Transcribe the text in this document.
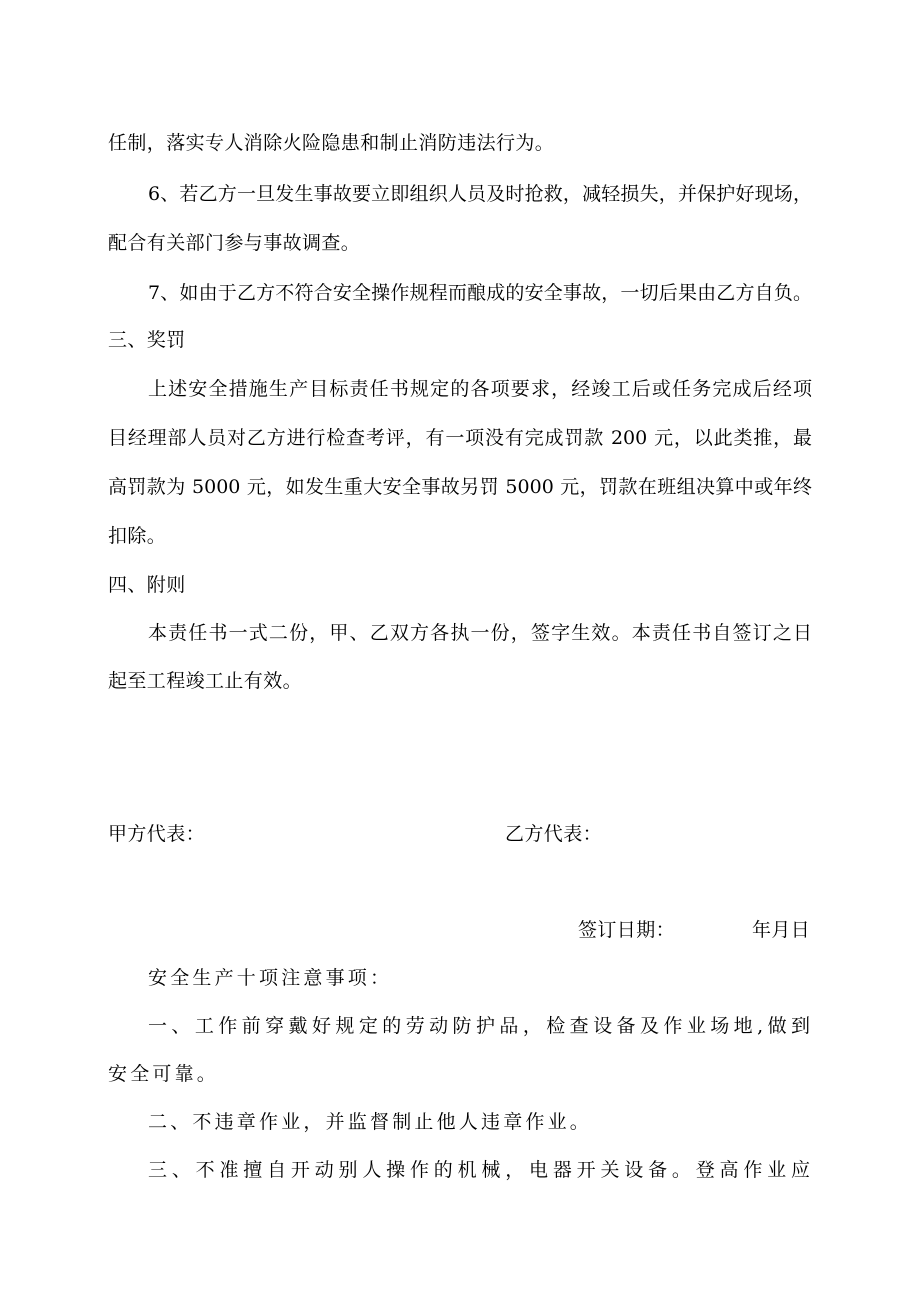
任制，落实专人消除火险隐患和制止消防违法行为。
6、若乙方一旦发生事故要立即组织人员及时抢救，减轻损失，并保护好现场，
配合有关部门参与事故调查。
7、如由于乙方不符合安全操作规程而酿成的安全事故，一切后果由乙方自负。
三、奖罚
上述安全措施生产目标责任书规定的各项要求，经竣工后或任务完成后经项
目经理部人员对乙方进行检查考评，有一项没有完成罚款 200 元，以此类推，最
高罚款为 5000 元，如发生重大安全事故另罚 5000 元，罚款在班组决算中或年终
扣除。
四、附则
本责任书一式二份，甲、乙双方各执一份，签字生效。本责任书自签订之日
起至工程竣工止有效。
甲方代表：	乙方代表：
签订日期：	年月日
安全生产十项注意事项：
一、工作前穿戴好规定的劳动防护品，检查设备及作业场地,做到
安全可靠。
二、不违章作业，并监督制止他人违章作业。
三、不准擅自开动别人操作的机械，电器开关设备。登高作业应
